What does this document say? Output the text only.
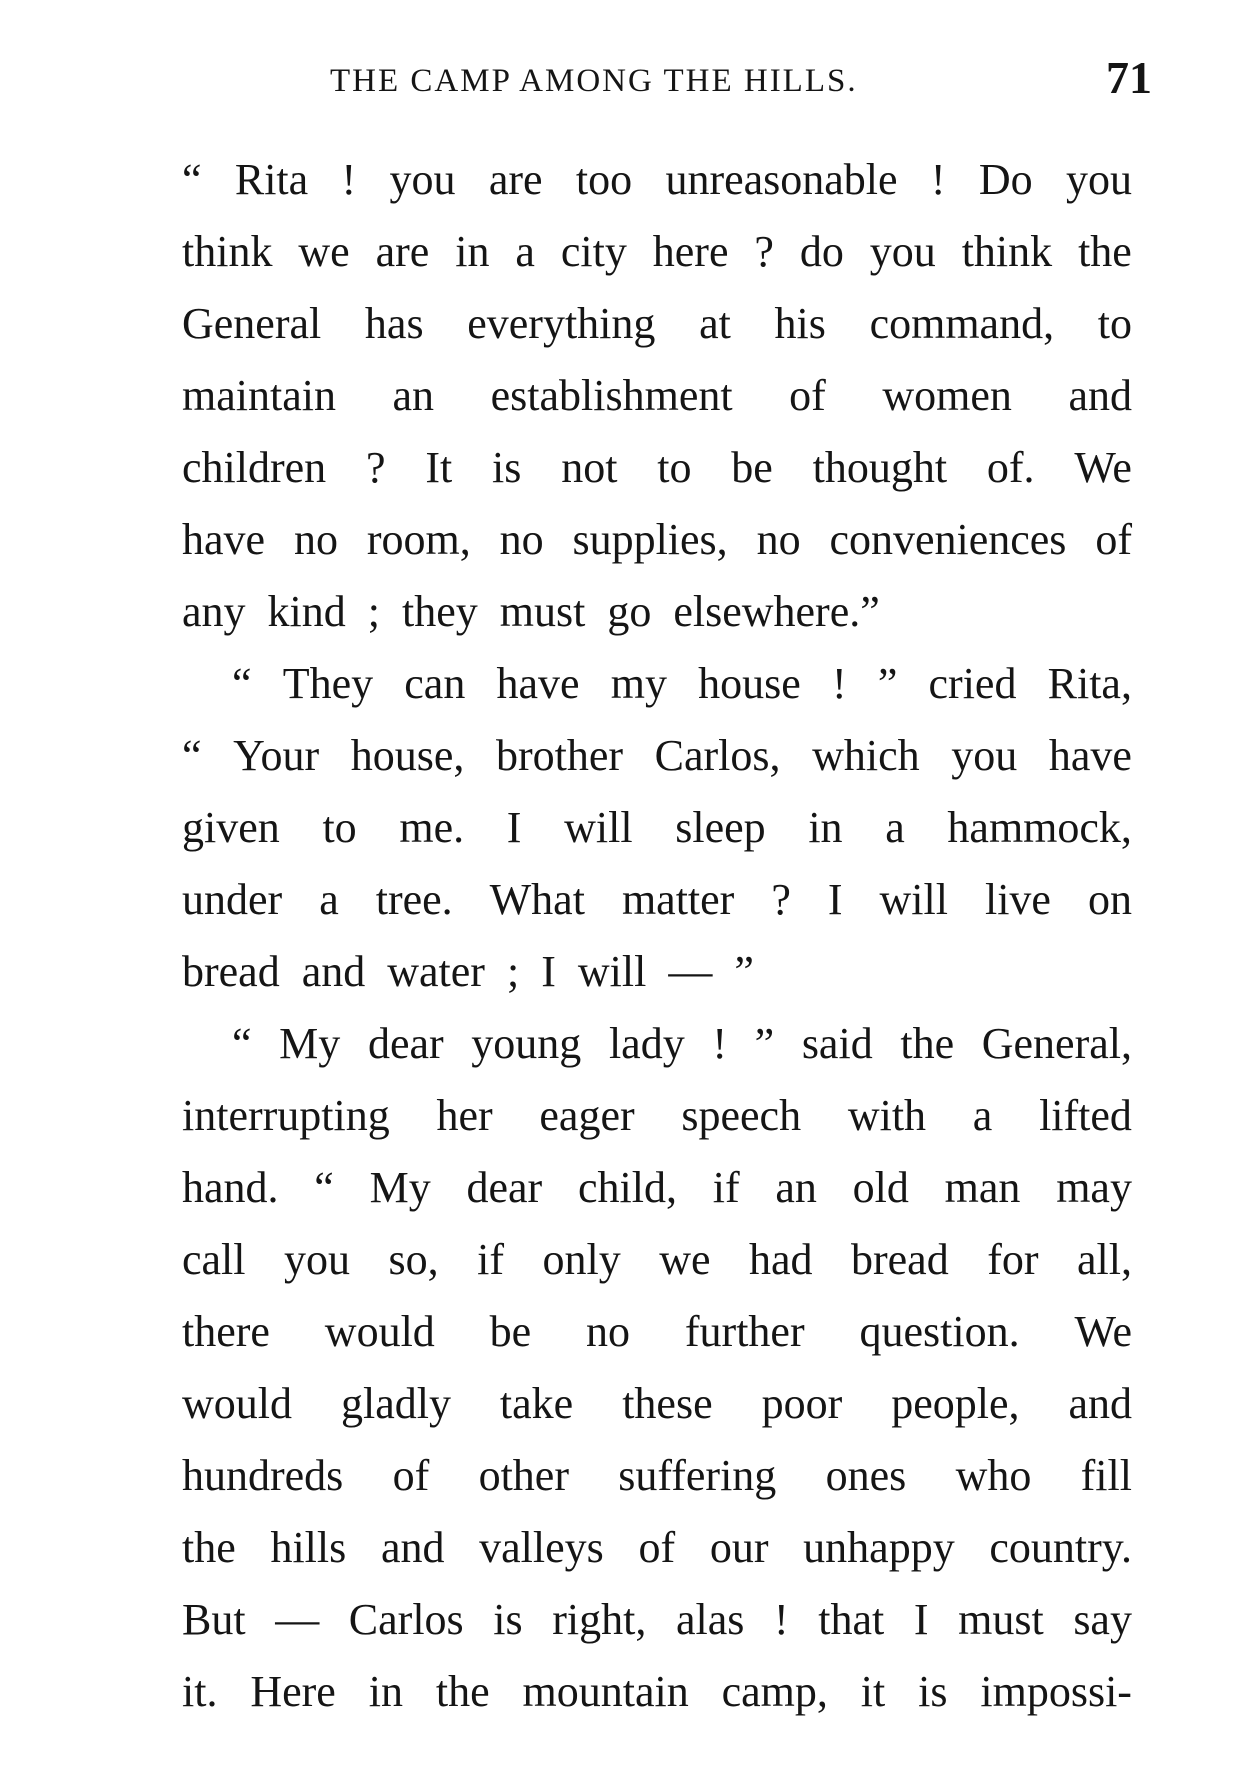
THE CAMP AMONG THE HILLS.	71
“ Rita ! you are too unreasonable ! Do you
think we are in a city here ? do you think the
General has everything at his command, to
maintain an establishment of women and
children ? It is not to be thought of. We
have no room, no supplies, no conveniences of
any kind ; they must go elsewhere.”
“ They can have my house ! ” cried Rita,
“ Your house, brother Carlos, which you have
given to me. I will sleep in a hammock,
under a tree. What matter ? I will live on
bread and water ; I will — ”
“ My dear young lady ! ” said the General,
interrupting her eager speech with a lifted
hand. “ My dear child, if an old man may
call you so, if only we had bread for all,
there would be no further question. We
would gladly take these poor people, and
hundreds of other suffering ones who fill
the hills and valleys of our unhappy country.
But — Carlos is right, alas ! that I must say
it. Here in the mountain camp, it is impossi-
